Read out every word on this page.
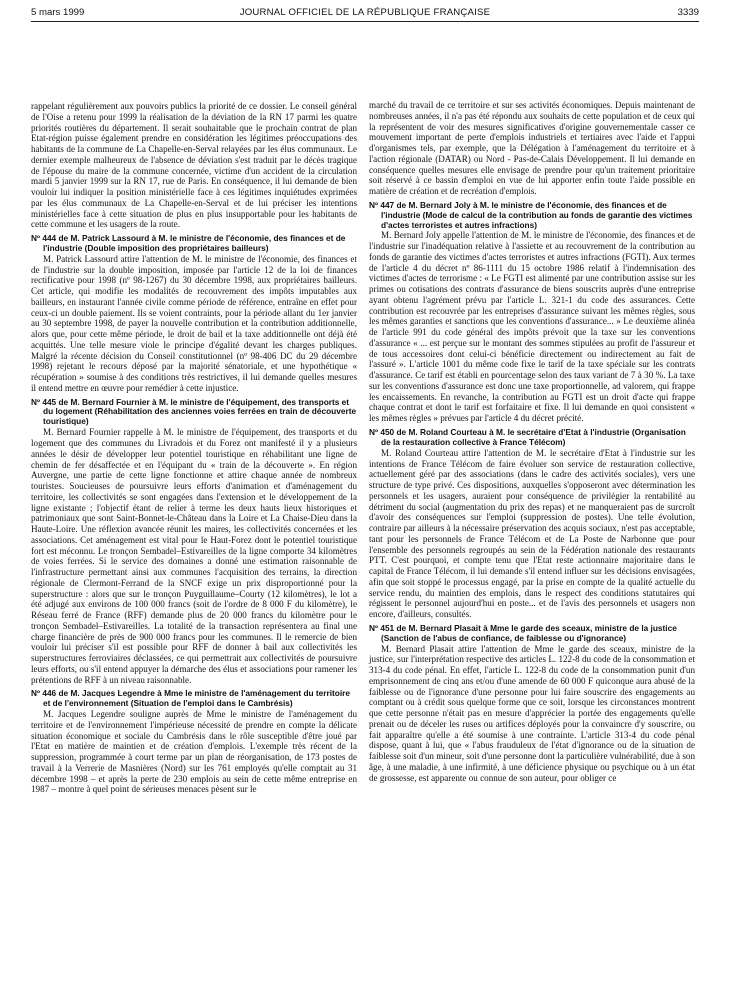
5 mars 1999	JOURNAL OFFICIEL DE LA RÉPUBLIQUE FRANÇAISE	3339

rappelant régulièrement aux pouvoirs publics la priorité de ce dossier. Le conseil général de l'Oise a retenu pour 1999 la réalisation de la déviation de la RN 17 parmi les quatre priorités routières du département. Il serait souhaitable que le prochain contrat de plan Etat-région puisse également prendre en considération les légitimes préoccupations des habitants de la commune de La Chapelle-en-Serval relayées par les élus communaux. Le dernier exemple malheureux de l'absence de déviation s'est traduit par le décès tragique de l'épouse du maire de la commune concernée, victime d'un accident de la circulation mardi 5 janvier 1999 sur la RN 17, rue de Paris. En conséquence, il lui demande de bien vouloir lui indiquer la position ministérielle face à ces légitimes inquiétudes exprimées par les élus communaux de La Chapelle-en-Serval et de lui préciser les intentions ministérielles face à cette situation de plus en plus insupportable pour les habitants de cette commune et les usagers de la route.

Nº 444 de M. Patrick Lassourd à M. le ministre de l'économie, des finances et de l'industrie (Double imposition des propriétaires bailleurs)

M. Patrick Lassourd attire l'attention de M. le ministre de l'économie, des finances et de l'industrie sur la double imposition, imposée par l'article 12 de la loi de finances rectificative pour 1998 (nº 98-1267) du 30 décembre 1998, aux propriétaires bailleurs. Cet article, qui modifie les modalités de recouvrement des impôts imputables aux bailleurs, en instaurant l'année civile comme période de référence, entraîne en effet pour ceux-ci un double paiement. Ils se voient contraints, pour la période allant du 1er janvier au 30 septembre 1998, de payer la nouvelle contribution et la contribution additionnelle, alors que, pour cette même période, le droit de bail et la taxe additionnelle ont déjà été acquittés. Une telle mesure viole le principe d'égalité devant les charges publiques. Malgré la récente décision du Conseil constitutionnel (nº 98-406 DC du 29 décembre 1998) rejetant le recours déposé par la majorité sénatoriale, et une hypothétique « récupération » soumise à des conditions très restrictives, il lui demande quelles mesures il entend mettre en œuvre pour remédier à cette injustice.

Nº 445 de M. Bernard Fournier à M. le ministre de l'équipement, des transports et du logement (Réhabilitation des anciennes voies ferrées en train de découverte touristique)

M. Bernard Fournier rappelle à M. le ministre de l'équipement, des transports et du logement que des communes du Livradois et du Forez ont manifesté il y a plusieurs années le désir de développer leur potentiel touristique en réhabilitant une ligne de chemin de fer désaffectée et en l'équipant du « train de la découverte ». En région Auvergne, une partie de cette ligne fonctionne et attire chaque année de nombreux touristes. Soucieuses de poursuivre leurs efforts d'animation et d'aménagement du territoire, les collectivités se sont engagées dans l'extension et le développement de la ligne existante ; l'objectif étant de relier à terme les deux hauts lieux historiques et patrimoniaux que sont Saint-Bonnet-le-Château dans la Loire et La Chaise-Dieu dans la Haute-Loire. Une réflexion avancée réunit les maires, les collectivités concernées et les associations. Cet aménagement est vital pour le Haut-Forez dont le potentiel touristique fort est méconnu. Le tronçon Sembadel–Estivareilles de la ligne comporte 34 kilomètres de voies ferrées. Si le service des domaines a donné une estimation raisonnable de l'infrastructure permettant ainsi aux communes l'acquisition des terrains, la direction régionale de Clermont-Ferrand de la SNCF exige un prix disproportionné pour la superstructure : alors que sur le tronçon Puyguillaume–Courty (12 kilomètres), le lot a été adjugé aux environs de 100 000 francs (soit de l'ordre de 8 000 F du kilomètre), le Réseau ferré de France (RFF) demande plus de 20 000 francs du kilomètre pour le tronçon Sembadel–Estivareilles. La totalité de la transaction représentera au final une charge financière de près de 900 000 francs pour les communes. Il le remercie de bien vouloir lui préciser s'il est possible pour RFF de donner à bail aux collectivités les superstructures ferroviaires déclassées, ce qui permettrait aux collectivités de poursuivre leurs efforts, ou s'il entend appuyer la démarche des élus et associations pour ramener les prétentions de RFF à un niveau raisonnable.

Nº 446 de M. Jacques Legendre à Mme le ministre de l'aménagement du territoire et de l'environnement (Situation de l'emploi dans le Cambrésis)

M. Jacques Legendre souligne auprès de Mme le ministre de l'aménagement du territoire et de l'environnement l'impérieuse nécessité de prendre en compte la délicate situation économique et sociale du Cambrésis dans le rôle susceptible d'être joué par l'Etat en matière de maintien et de création d'emplois. L'exemple très récent de la suppression, programmée à court terme par un plan de réorganisation, de 173 postes de travail à la Verrerie de Masnières (Nord) sur les 761 employés qu'elle comptait au 31 décembre 1998 – et après la perte de 230 emplois au sein de cette même entreprise en 1987 – montre à quel point de sérieuses menaces pèsent sur le

marché du travail de ce territoire et sur ses activités économiques. Depuis maintenant de nombreuses années, il n'a pas été répondu aux souhaits de cette population et de ceux qui la représentent de voir des mesures significatives d'origine gouvernementale casser ce mouvement important de perte d'emplois industriels et tertiaires avec l'aide et l'appui d'organismes tels, par exemple, que la Délégation à l'aménagement du territoire et à l'action régionale (DATAR) ou Nord - Pas-de-Calais Développement. Il lui demande en conséquence quelles mesures elle envisage de prendre pour qu'un traitement prioritaire soit réservé à ce bassin d'emploi en vue de lui apporter enfin toute l'aide possible en matière de création et de recréation d'emplois.

Nº 447 de M. Bernard Joly à M. le ministre de l'économie, des finances et de l'industrie (Mode de calcul de la contribution au fonds de garantie des victimes d'actes terroristes et autres infractions)

M. Bernard Joly appelle l'attention de M. le ministre de l'économie, des finances et de l'industrie sur l'inadéquation relative à l'assiette et au recouvrement de la contribution au fonds de garantie des victimes d'actes terroristes et autres infractions (FGTI). Aux termes de l'article 4 du décret nº 86-1111 du 15 octobre 1986 relatif à l'indemnisation des victimes d'actes de terrorisme : « Le FGTI est alimenté par une contribution assise sur les primes ou cotisations des contrats d'assurance de biens souscrits auprès d'une entreprise ayant obtenu l'agrément prévu par l'article L. 321-1 du code des assurances. Cette contribution est recouvrée par les entreprises d'assurance suivant les mêmes règles, sous les mêmes garanties et sanctions que les conventions d'assurance... » Le deuxième alinéa de l'article 991 du code général des impôts prévoit que la taxe sur les conventions d'assurance « ... est perçue sur le montant des sommes stipulées au profit de l'assureur et de tous accessoires dont celui-ci bénéficie directement ou indirectement au fait de l'assuré ». L'article 1001 du même code fixe le tarif de la taxe spéciale sur les contrats d'assurance. Ce tarif est établi en pourcentage selon des taux variant de 7 à 30 %. La taxe sur les conventions d'assurance est donc une taxe proportionnelle, ad valorem, qui frappe les encaissements. En revanche, la contribution au FGTI est un droit d'acte qui frappe chaque contrat et dont le tarif est forfaitaire et fixe. Il lui demande en quoi consistent « les mêmes règles » prévues par l'article 4 du décret précité.

Nº 450 de M. Roland Courteau à M. le secrétaire d'Etat à l'industrie (Organisation de la restauration collective à France Télécom)

M. Roland Courteau attire l'attention de M. le secrétaire d'Etat à l'industrie sur les intentions de France Télécom de faire évoluer son service de restauration collective, actuellement géré par des associations (dans le cadre des activités sociales), vers une structure de type privé. Ces dispositions, auxquelles s'opposeront avec détermination les personnels et les usagers, auraient pour conséquence de privilégier la rentabilité au détriment du social (augmentation du prix des repas) et ne manqueraient pas de surcroît d'avoir des conséquences sur l'emploi (suppression de postes). Une telle évolution, contraire par ailleurs à la nécessaire préservation des acquis sociaux, n'est pas acceptable, tant pour les personnels de France Télécom et de La Poste de Narbonne que pour l'ensemble des personnels regroupés au sein de la Fédération nationale des restaurants PTT. C'est pourquoi, et compte tenu que l'Etat reste actionnaire majoritaire dans le capital de France Télécom, il lui demande s'il entend influer sur les décisions envisagées, afin que soit stoppé le processus engagé, par la prise en compte de la qualité actuelle du service rendu, du maintien des emplois, dans le respect des conditions statutaires qui régissent le personnel aujourd'hui en poste... et de l'avis des personnels et usagers non encore, d'ailleurs, consultés.

Nº 451 de M. Bernard Plasait à Mme le garde des sceaux, ministre de la justice (Sanction de l'abus de confiance, de faiblesse ou d'ignorance)

M. Bernard Plasait attire l'attention de Mme le garde des sceaux, ministre de la justice, sur l'interprétation respective des articles L. 122-8 du code de la consommation et 313-4 du code pénal. En effet, l'article L. 122-8 du code de la consommation punit d'un emprisonnement de cinq ans et/ou d'une amende de 60 000 F quiconque aura abusé de la faiblesse ou de l'ignorance d'une personne pour lui faire souscrire des engagements au comptant ou à crédit sous quelque forme que ce soit, lorsque les circonstances montrent que cette personne n'était pas en mesure d'apprécier la portée des engagements qu'elle prenait ou de déceler les ruses ou artifices déployés pour la convaincre d'y souscrire, ou fait apparaître qu'elle a été soumise à une contrainte. L'article 313-4 du code pénal dispose, quant à lui, que « l'abus frauduleux de l'état d'ignorance ou de la situation de faiblesse soit d'un mineur, soit d'une personne dont la particulière vulnérabilité, due à son âge, à une maladie, à une infirmité, à une déficience physique ou psychique ou à un état de grossesse, est apparente ou connue de son auteur, pour obliger ce
